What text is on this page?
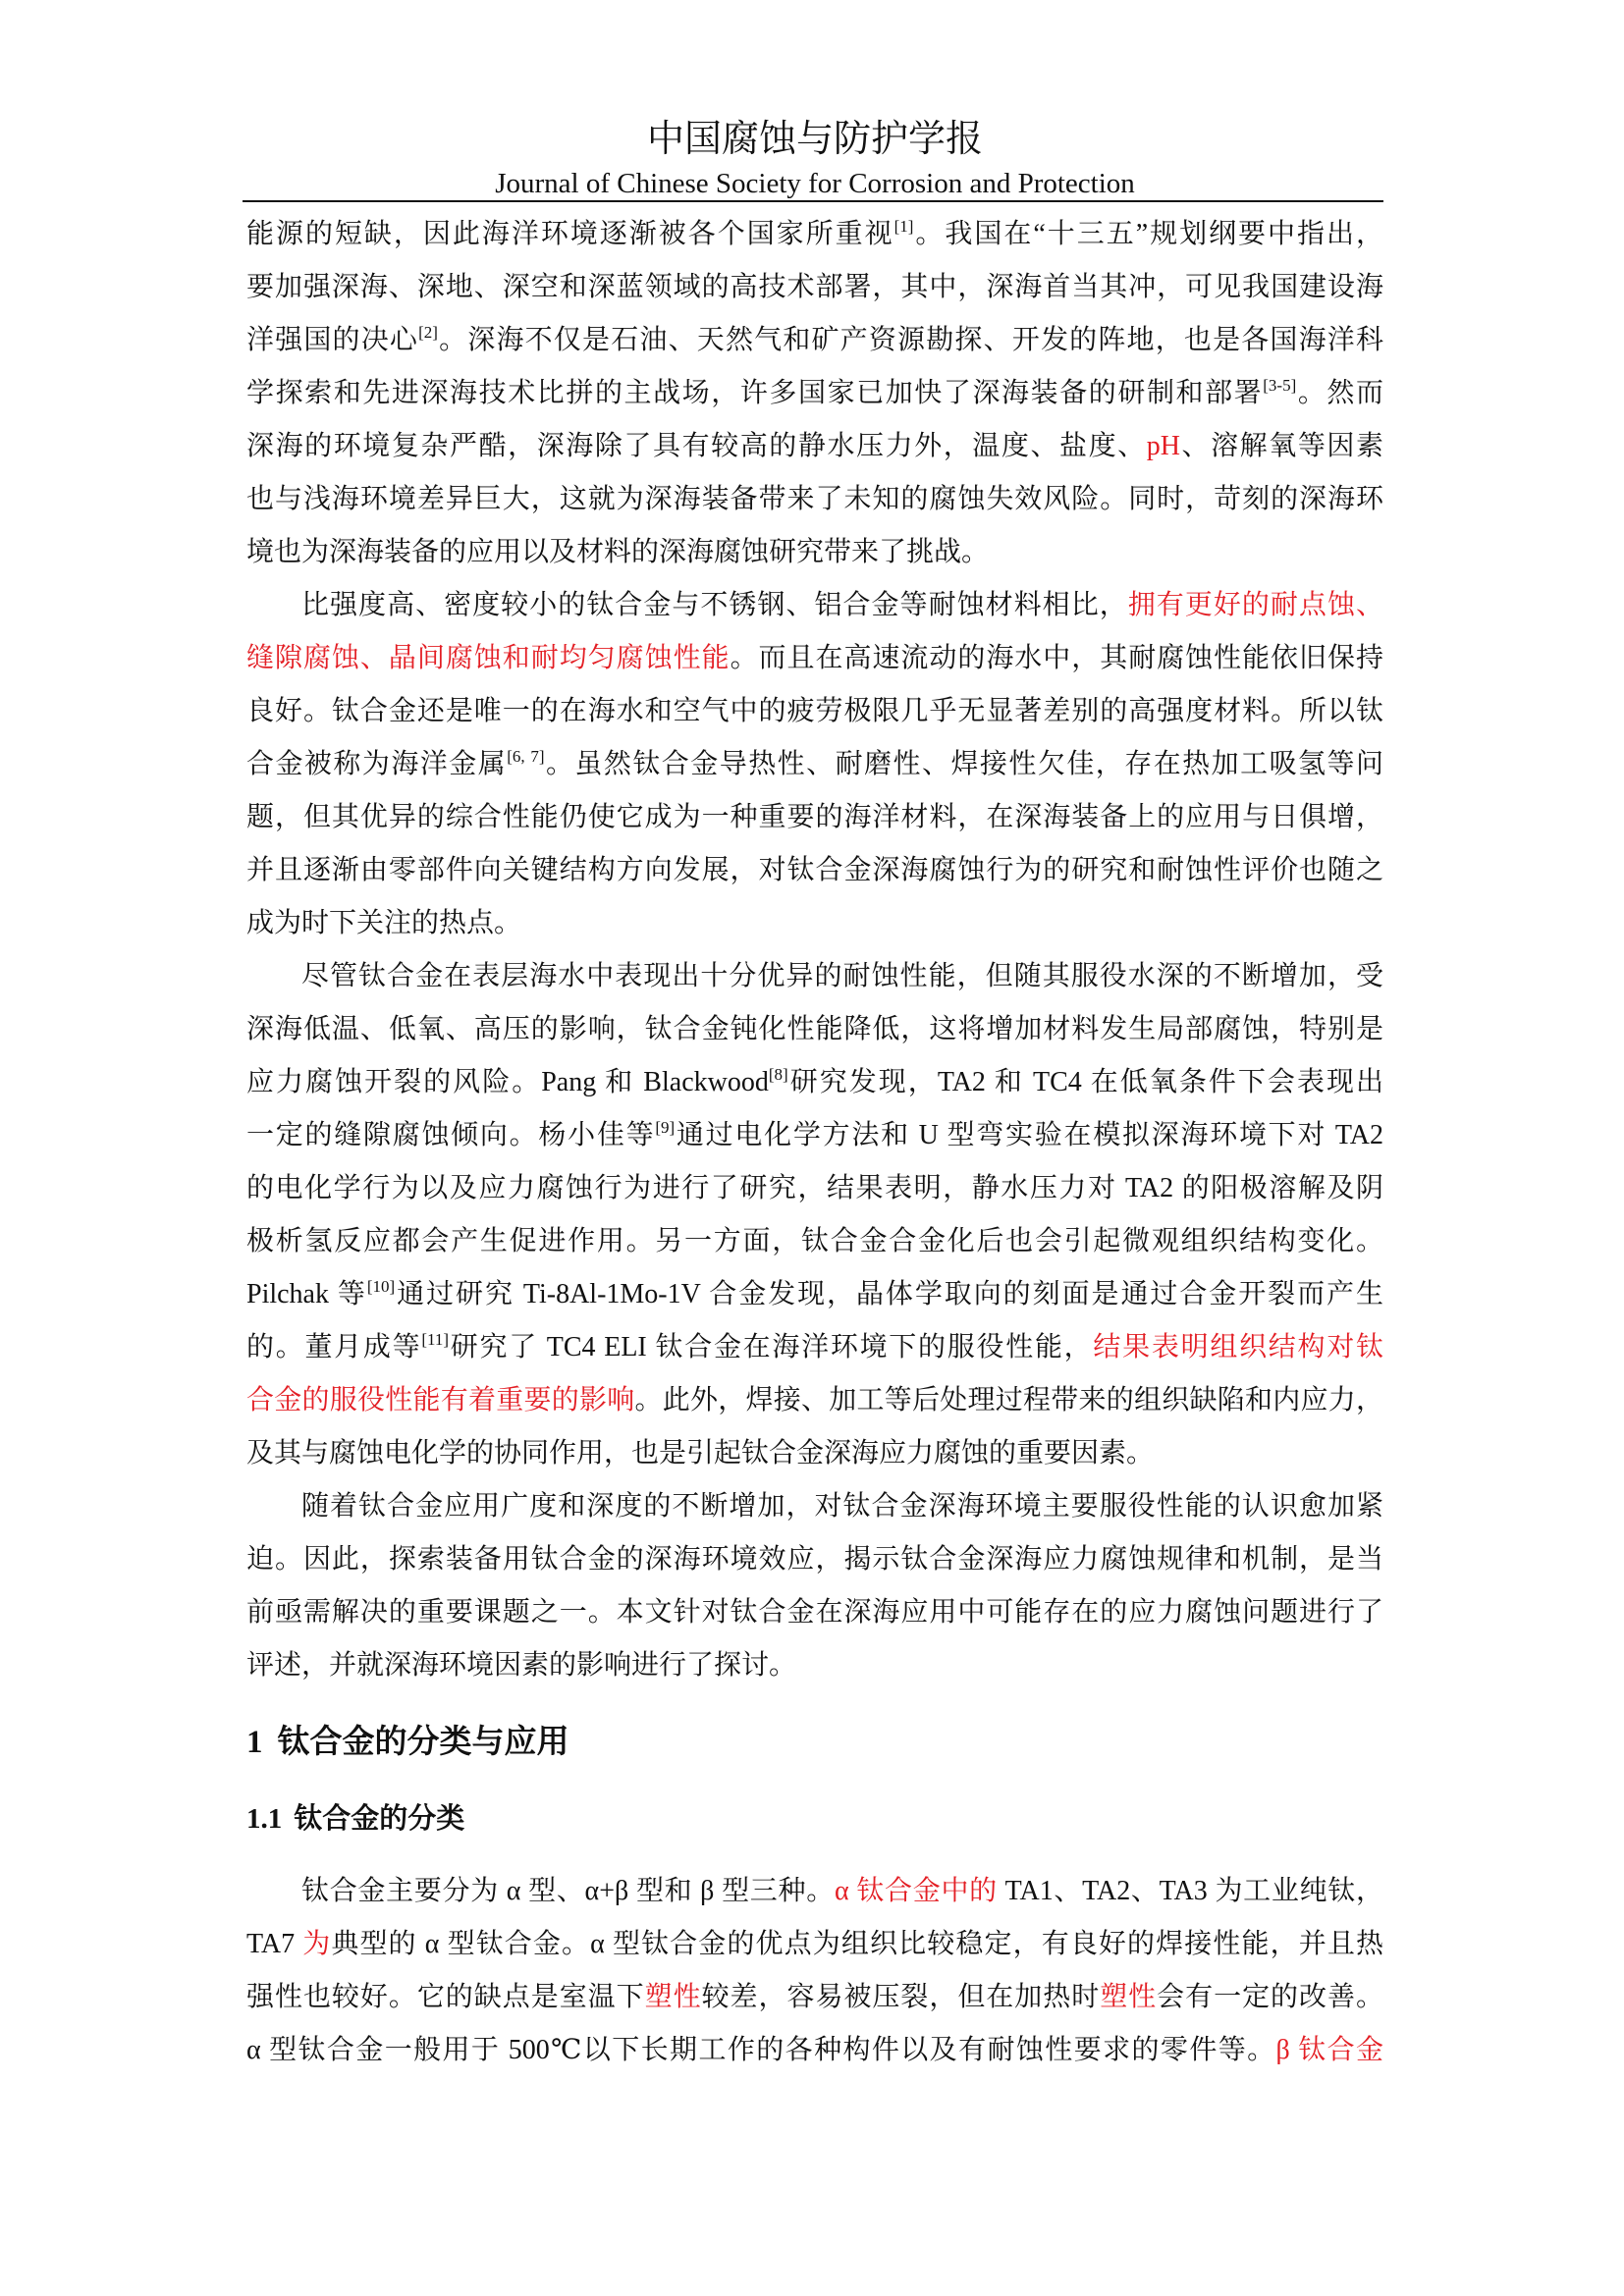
中国腐蚀与防护学报
Journal of Chinese Society for Corrosion and Protection
能源的短缺，因此海洋环境逐渐被各个国家所重视[1]。我国在“十三五”规划纲要中指出，
要加强深海、深地、深空和深蓝领域的高技术部署，其中，深海首当其冲，可见我国建设海
洋强国的决心[2]。深海不仅是石油、天然气和矿产资源勘探、开发的阵地，也是各国海洋科
学探索和先进深海技术比拼的主战场，许多国家已加快了深海装备的研制和部署[3-5]。然而
深海的环境复杂严酷，深海除了具有较高的静水压力外，温度、盐度、pH、溶解氧等因素
也与浅海环境差异巨大，这就为深海装备带来了未知的腐蚀失效风险。同时，苛刻的深海环
境也为深海装备的应用以及材料的深海腐蚀研究带来了挑战。
比强度高、密度较小的钛合金与不锈钢、铝合金等耐蚀材料相比，拥有更好的耐点蚀、
缝隙腐蚀、晶间腐蚀和耐均匀腐蚀性能。而且在高速流动的海水中，其耐腐蚀性能依旧保持
良好。钛合金还是唯一的在海水和空气中的疲劳极限几乎无显著差别的高强度材料。所以钛
合金被称为海洋金属[6, 7]。虽然钛合金导热性、耐磨性、焊接性欠佳，存在热加工吸氢等问
题，但其优异的综合性能仍使它成为一种重要的海洋材料，在深海装备上的应用与日俱增，
并且逐渐由零部件向关键结构方向发展，对钛合金深海腐蚀行为的研究和耐蚀性评价也随之
成为时下关注的热点。
尽管钛合金在表层海水中表现出十分优异的耐蚀性能，但随其服役水深的不断增加，受
深海低温、低氧、高压的影响，钛合金钝化性能降低，这将增加材料发生局部腐蚀，特别是
应力腐蚀开裂的风险。Pang 和 Blackwood[8]研究发现，TA2 和 TC4 在低氧条件下会表现出
一定的缝隙腐蚀倾向。杨小佳等[9]通过电化学方法和 U 型弯实验在模拟深海环境下对 TA2
的电化学行为以及应力腐蚀行为进行了研究，结果表明，静水压力对 TA2 的阳极溶解及阴
极析氢反应都会产生促进作用。另一方面，钛合金合金化后也会引起微观组织结构变化。
Pilchak 等[10]通过研究 Ti-8Al-1Mo-1V 合金发现，晶体学取向的刻面是通过合金开裂而产生
的。董月成等[11]研究了 TC4 ELI 钛合金在海洋环境下的服役性能，结果表明组织结构对钛
合金的服役性能有着重要的影响。此外，焊接、加工等后处理过程带来的组织缺陷和内应力，
及其与腐蚀电化学的协同作用，也是引起钛合金深海应力腐蚀的重要因素。
随着钛合金应用广度和深度的不断增加，对钛合金深海环境主要服役性能的认识愈加紧
迫。因此，探索装备用钛合金的深海环境效应，揭示钛合金深海应力腐蚀规律和机制，是当
前亟需解决的重要课题之一。本文针对钛合金在深海应用中可能存在的应力腐蚀问题进行了
评述，并就深海环境因素的影响进行了探讨。
1 钛合金的分类与应用
1.1 钛合金的分类
钛合金主要分为 α 型、α+β 型和 β 型三种。α 钛合金中的 TA1、TA2、TA3 为工业纯钛，
TA7 为典型的 α 型钛合金。α 型钛合金的优点为组织比较稳定，有良好的焊接性能，并且热
强性也较好。它的缺点是室温下塑性较差，容易被压裂，但在加热时塑性会有一定的改善。
α 型钛合金一般用于 500℃以下长期工作的各种构件以及有耐蚀性要求的零件等。β 钛合金
